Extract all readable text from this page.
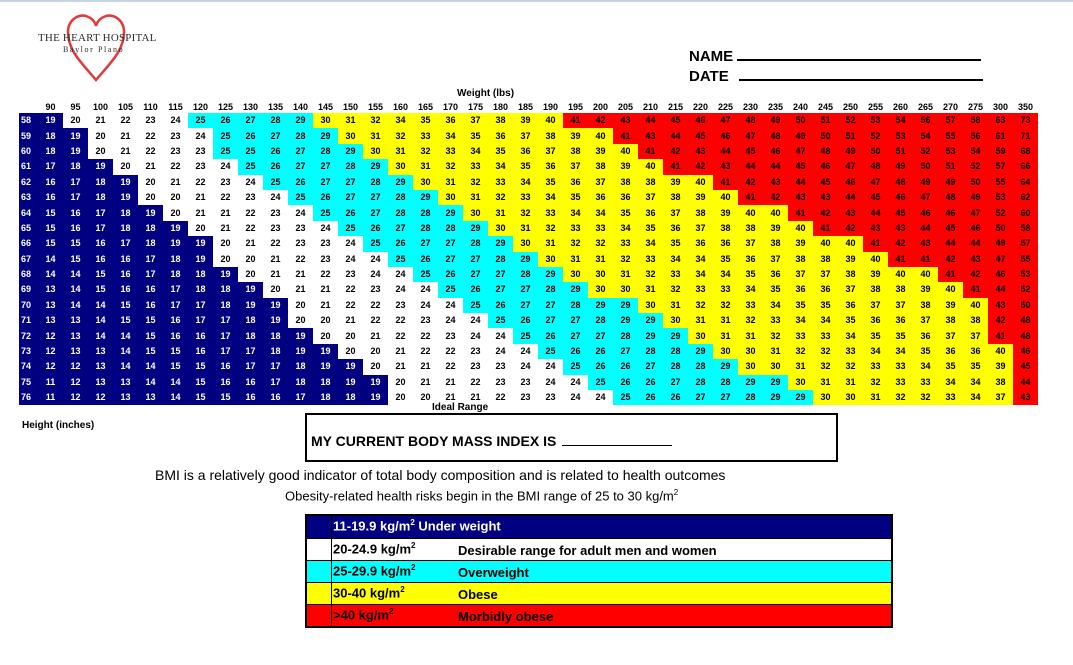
THE HEART HOSPITAL
Baylor Plano	NAME
DATE
Weight (lbs)
	90	95	100	105	110	115	120	125	130	135	140	145	150	155	160	165	170	175	180	185	190	195	200	205	210	215	220	225	230	235	240	245	250	255	260	265	270	275	300	350
58	19	20	21	22	23	24	25	26	27	28	29	30	31	32	34	35	36	37	38	39	40	41	42	43	44	45	46	47	48	49	50	51	52	53	54	56	57	58	63	73
59	18	19	20	21	22	23	24	25	26	27	28	29	30	31	32	33	34	35	36	37	38	39	40	41	43	44	45	46	47	48	49	50	51	52	53	54	55	56	61	71
60	18	19	20	21	22	23	23	25	25	26	27	28	29	30	31	32	33	34	35	36	37	38	39	40	41	42	43	44	45	46	47	48	49	50	51	52	53	54	59	68
61	17	18	19	20	21	22	23	24	25	26	27	27	28	29	30	31	32	33	34	35	36	37	38	39	40	41	42	43	44	44	45	46	47	48	49	50	51	52	57	66
62	16	17	18	19	20	21	22	23	24	25	26	27	27	28	29	30	31	32	33	34	35	36	37	38	38	39	40	41	42	43	44	45	46	47	48	49	49	50	55	64
63	16	17	18	19	20	20	21	22	23	24	25	26	27	27	28	29	30	31	32	33	34	35	36	36	37	38	39	40	41	42	43	43	44	45	46	47	48	49	53	62
64	15	16	17	18	19	20	21	21	22	23	24	25	26	27	28	28	29	30	31	32	33	34	34	35	36	37	38	39	40	40	41	42	43	44	45	46	46	47	52	60
65	15	16	17	18	18	19	20	21	22	23	23	24	25	26	27	28	28	29	30	31	32	33	33	34	35	36	37	38	38	39	40	41	42	43	43	44	45	46	50	58
66	15	15	16	17	18	19	19	20	21	22	23	23	24	25	26	27	27	28	29	30	31	32	32	33	34	35	36	36	37	38	39	40	40	41	42	43	44	44	49	57
67	14	15	16	16	17	18	19	20	20	21	22	23	24	24	25	26	27	27	28	29	30	31	31	32	33	34	34	35	36	37	38	38	39	40	41	41	42	43	47	55
68	14	14	15	16	17	18	18	19	20	21	21	22	23	24	24	25	26	27	27	28	29	30	30	31	32	33	34	34	35	36	37	37	38	39	40	40	41	42	46	53
69	13	14	15	16	16	17	18	18	19	20	21	21	22	23	24	24	25	26	27	27	28	29	30	30	31	32	33	33	34	35	36	36	37	38	38	39	40	41	44	52
70	13	14	14	15	16	17	17	18	19	19	20	21	22	22	23	24	24	25	26	27	27	28	29	29	30	31	32	32	33	34	35	35	36	37	37	38	39	40	43	50
71	13	13	14	15	15	16	17	17	18	19	20	20	21	22	22	23	24	24	25	26	27	27	28	29	29	30	31	31	32	33	34	34	35	36	36	37	38	38	42	48
72	12	13	14	14	15	16	16	17	18	18	19	20	20	21	22	22	23	24	24	25	26	27	27	28	29	29	30	31	31	32	33	33	34	35	35	36	37	37	41	48
73	12	13	13	14	15	15	16	17	17	18	19	19	20	20	21	22	22	23	24	24	25	26	26	27	28	28	29	30	30	31	32	32	33	34	34	35	36	36	40	46
74	12	12	13	14	14	15	15	16	17	17	18	19	19	20	21	21	22	23	23	24	24	25	26	26	27	28	28	29	30	30	31	32	32	33	33	34	35	35	39	45
75	11	12	13	13	14	14	15	16	16	17	18	18	19	19	20	21	21	22	23	23	24	24	25	26	26	27	28	28	29	29	30	31	31	32	33	33	34	34	38	44
76	11	12	12	13	13	14	15	15	16	16	17	18	18	19	20	20	21	21	22	23	23	24	24	25	26	26	27	27	28	29	29	30	30	31	32	32	33	34	37	43
Ideal Range
Height (inches)
MY CURRENT BODY MASS INDEX IS
BMI is a relatively good indicator of total body composition and is related to health outcomes
Obesity-related health risks begin in the BMI range of 25 to 30 $kg/m^2$
11-19.9 $kg/m^2$ Under weight
20-24.9 $kg/m^2$	Desirable range for adult men and women
25-29.9 $kg/m^2$	Overweight
30-40 $kg/m^2$	Obese
>40 $kg/m^2$	Morbidly obese
